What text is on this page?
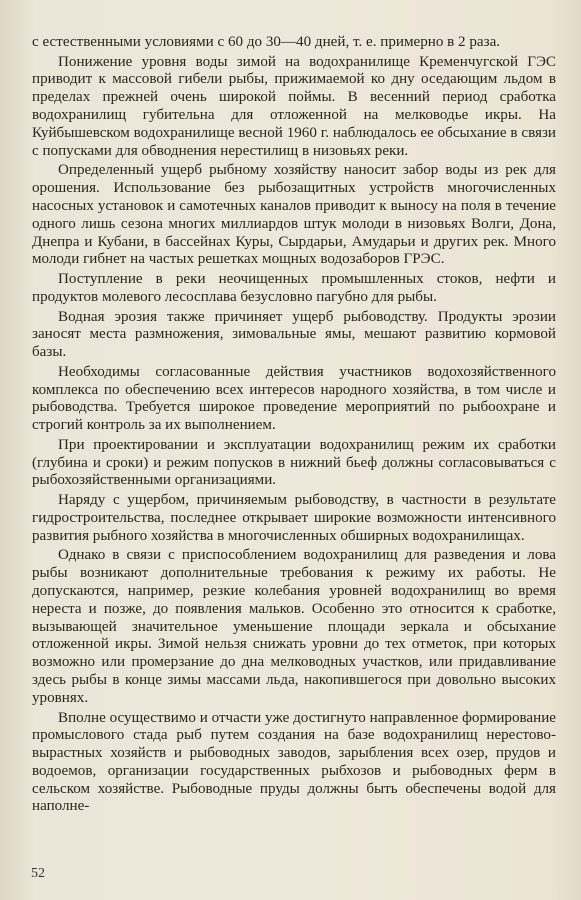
с естественными условиями с 60 до 30—40 дней, т. е. примерно в 2 раза.

Понижение уровня воды зимой на водохранилище Кременчугской ГЭС приводит к массовой гибели рыбы, прижимаемой ко дну оседающим льдом в пределах прежней очень широкой поймы. В весенний период сработка водохранилищ губительна для отложенной на мелководье икры. На Куйбышевском водохранилище весной 1960 г. наблюдалось ее обсыхание в связи с попусками для обводнения нерестилищ в низовьях реки.

Определенный ущерб рыбному хозяйству наносит забор воды из рек для орошения. Использование без рыбозащитных устройств многочисленных насосных установок и самотечных каналов приводит к выносу на поля в течение одного лишь сезона многих миллиардов штук молоди в низовьях Волги, Дона, Днепра и Кубани, в бассейнах Куры, Сырдарьи, Амударьи и других рек. Много молоди гибнет на частых решетках мощных водозаборов ГРЭС.

Поступление в реки неочищенных промышленных стоков, нефти и продуктов молевого лесосплава безусловно пагубно для рыбы.

Водная эрозия также причиняет ущерб рыбоводству. Продукты эрозии заносят места размножения, зимовальные ямы, мешают развитию кормовой базы.

Необходимы согласованные действия участников водохозяйственного комплекса по обеспечению всех интересов народного хозяйства, в том числе и рыбоводства. Требуется широкое проведение мероприятий по рыбоохране и строгий контроль за их выполнением.

При проектировании и эксплуатации водохранилищ режим их сработки (глубина и сроки) и режим попусков в нижний бьеф должны согласовываться с рыбохозяйственными организациями.

Наряду с ущербом, причиняемым рыбоводству, в частности в результате гидростроительства, последнее открывает широкие возможности интенсивного развития рыбного хозяйства в многочисленных обширных водохранилищах.

Однако в связи с приспособлением водохранилищ для разведения и лова рыбы возникают дополнительные требования к режиму их работы. Не допускаются, например, резкие колебания уровней водохранилищ во время нереста и позже, до появления мальков. Особенно это относится к сработке, вызывающей значительное уменьшение площади зеркала и обсыхание отложенной икры. Зимой нельзя снижать уровни до тех отметок, при которых возможно или промерзание до дна мелководных участков, или придавливание здесь рыбы в конце зимы массами льда, накопившегося при довольно высоких уровнях.

Вполне осуществимо и отчасти уже достигнуто направленное формирование промыслового стада рыб путем создания на базе водохранилищ нерестово-вырастных хозяйств и рыбоводных заводов, зарыбления всех озер, прудов и водоемов, организации государственных рыбхозов и рыбоводных ферм в сельском хозяйстве. Рыбоводные пруды должны быть обеспечены водой для наполне-

52
